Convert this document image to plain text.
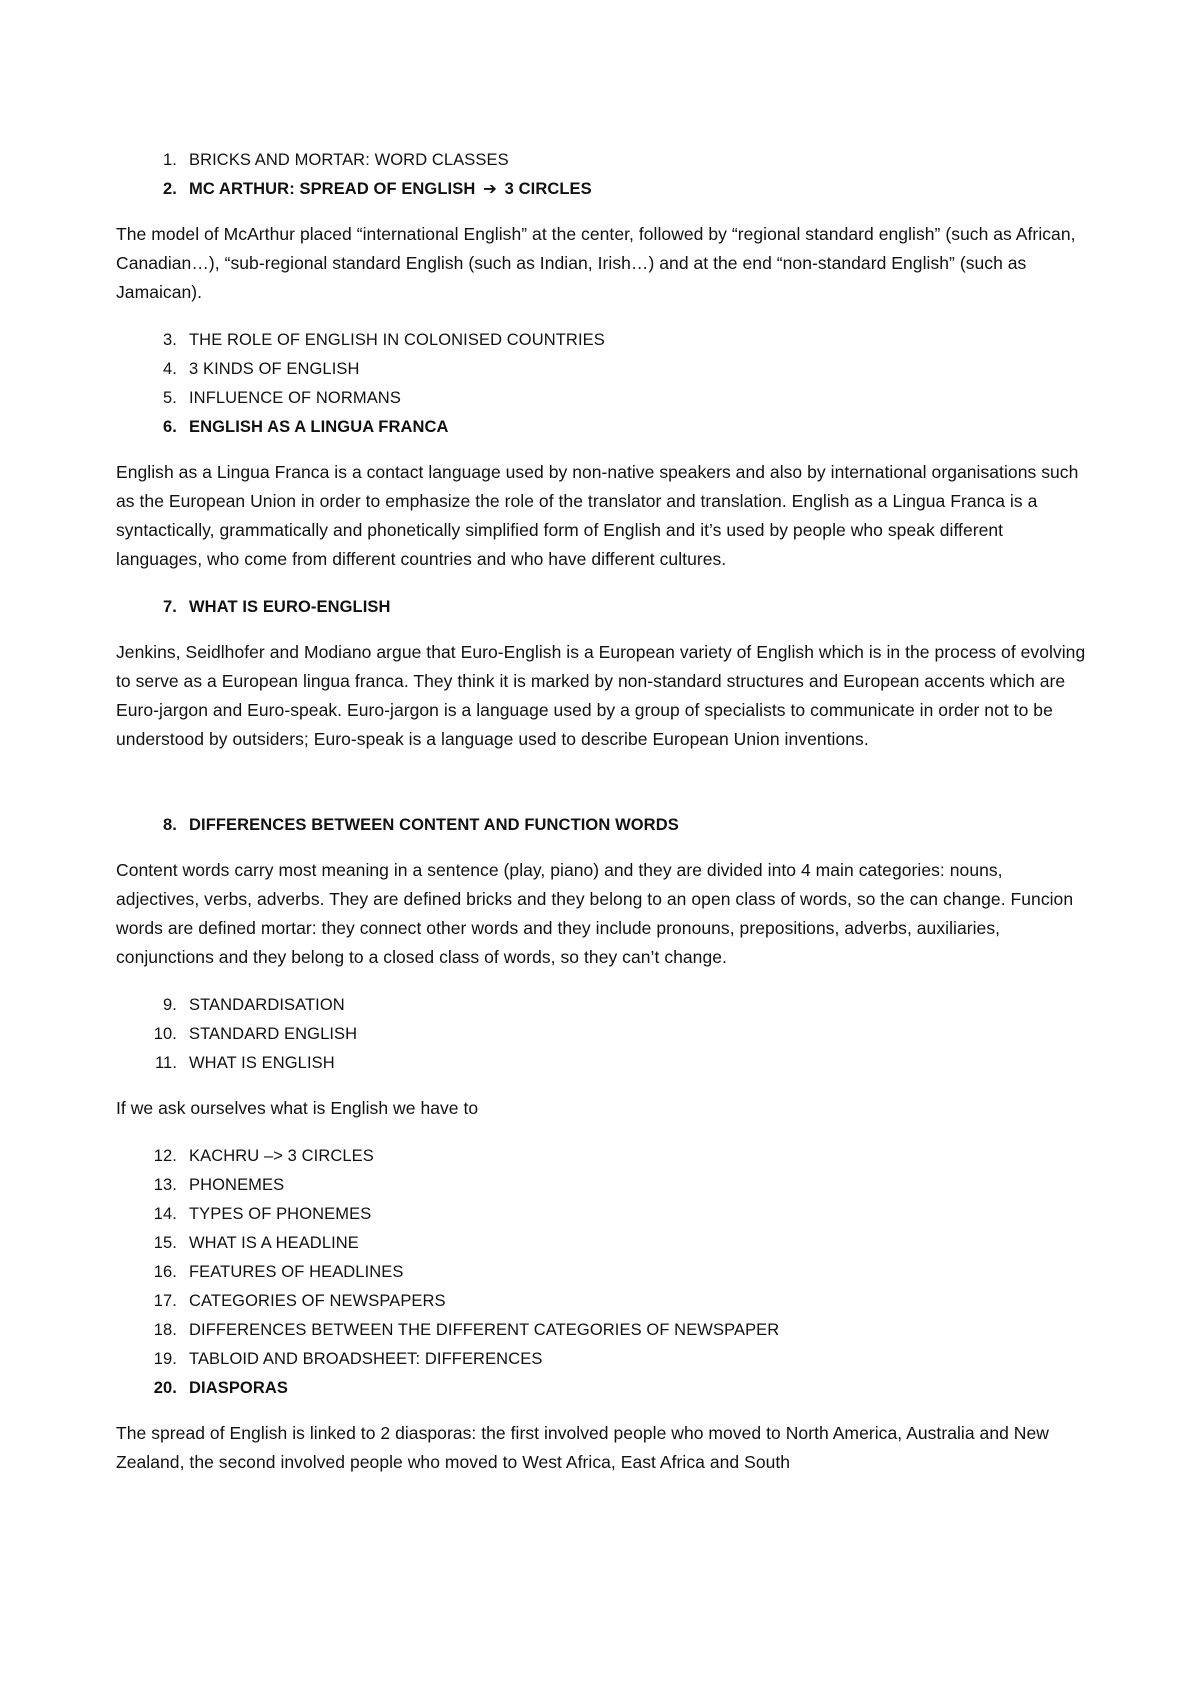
1. BRICKS AND MORTAR: WORD CLASSES
2. MC ARTHUR: SPREAD OF ENGLISH ➔ 3 CIRCLES

The model of McArthur placed “international English” at the center, followed by “regional standard english” (such as African, Canadian…), “sub-regional standard English (such as Indian, Irish…) and at the end “non-standard English” (such as Jamaican).

3. THE ROLE OF ENGLISH IN COLONISED COUNTRIES
4. 3 KINDS OF ENGLISH
5. INFLUENCE OF NORMANS
6. ENGLISH AS A LINGUA FRANCA

English as a Lingua Franca is a contact language used by non-native speakers and also by international organisations such as the European Union in order to emphasize the role of the translator and translation. English as a Lingua Franca is a syntactically, grammatically and phonetically simplified form of English and it’s used by people who speak different languages, who come from different countries and who have different cultures.

7. WHAT IS EURO-ENGLISH

Jenkins, Seidlhofer and Modiano argue that Euro-English is a European variety of English which is in the process of evolving to serve as a European lingua franca. They think it is marked by non-standard structures and European accents which are Euro-jargon and Euro-speak. Euro-jargon is a language used by a group of specialists to communicate in order not to be understood by outsiders; Euro-speak is a language used to describe European Union inventions.

8. DIFFERENCES BETWEEN CONTENT AND FUNCTION WORDS

Content words carry most meaning in a sentence (play, piano) and they are divided into 4 main categories: nouns, adjectives, verbs, adverbs. They are defined bricks and they belong to an open class of words, so the can change. Funcion words are defined mortar: they connect other words and they include pronouns, prepositions, adverbs, auxiliaries, conjunctions and they belong to a closed class of words, so they can’t change.

9. STANDARDISATION
10. STANDARD ENGLISH
11. WHAT IS ENGLISH

If we ask ourselves what is English we have to

12. KACHRU –> 3 CIRCLES
13. PHONEMES
14. TYPES OF PHONEMES
15. WHAT IS A HEADLINE
16. FEATURES OF HEADLINES
17. CATEGORIES OF NEWSPAPERS
18. DIFFERENCES BETWEEN THE DIFFERENT CATEGORIES OF NEWSPAPER
19. TABLOID AND BROADSHEET: DIFFERENCES
20. DIASPORAS

The spread of English is linked to 2 diasporas: the first involved people who moved to North America, Australia and New Zealand, the second involved people who moved to West Africa, East Africa and South
